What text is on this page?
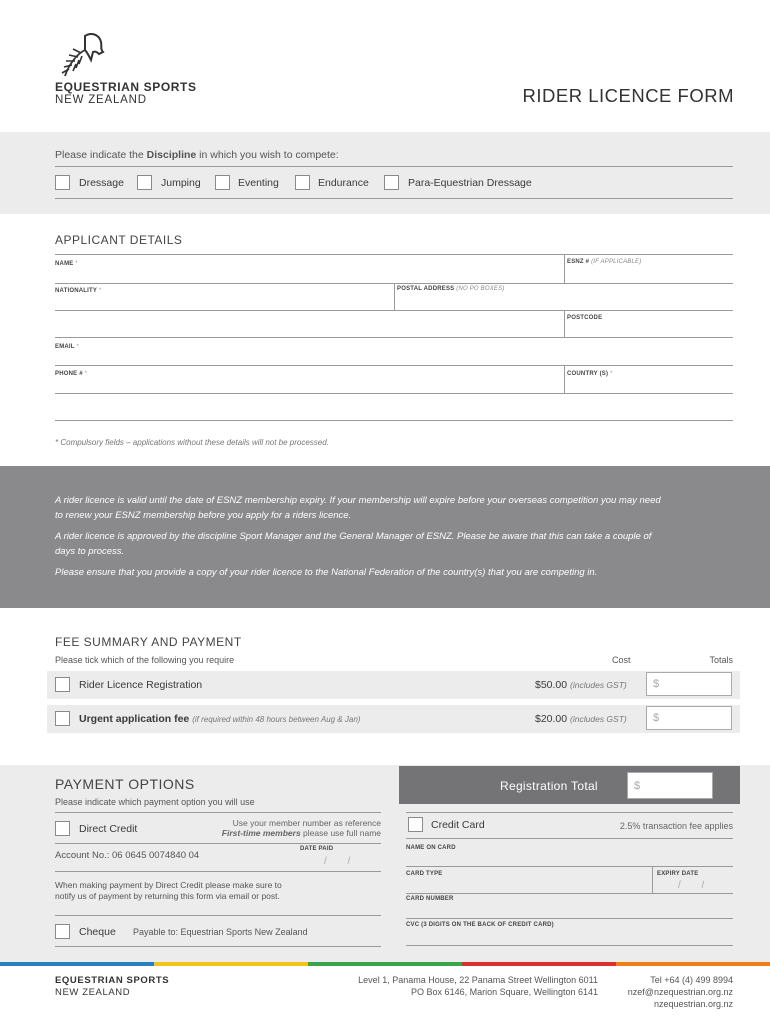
EQUESTRIAN SPORTS
NEW ZEALAND	RIDER LICENCE FORM
Please indicate the Discipline in which you wish to compete:
Dressage	Jumping	Eventing	Endurance	Para-Equestrian Dressage
APPLICANT DETAILS
NAME *	ESNZ # (IF APPLICABLE)
NATIONALITY *	POSTAL ADDRESS (NO PO BOXES)
POSTCODE
EMAIL *
PHONE # *	COUNTRY (S) *
* Compulsory fields – applications without these details will not be processed.

A rider licence is valid until the date of ESNZ membership expiry. If your membership will expire before your overseas competition you may need to renew your ESNZ membership before you apply for a riders licence.

A rider licence is approved by the discipline Sport Manager and the General Manager of ESNZ. Please be aware that this can take a couple of days to process.

Please ensure that you provide a copy of your rider licence to the National Federation of the country(s) that you are competing in.

FEE SUMMARY AND PAYMENT
Please tick which of the following you require	Cost	Totals
Rider Licence Registration	$50.00 (includes GST)	$
Urgent application fee (if required within 48 hours between Aug & Jan)	$20.00 (includes GST)	$
PAYMENT OPTIONS
Please indicate which payment option you will use
Registration Total	$
Direct Credit	Use your member number as reference
First-time members please use full name
Account No.: 06 0645 0074840 04
DATE PAID
/ /
When making payment by Direct Credit please make sure to
notify us of payment by returning this form via email or post.
Cheque Payable to: Equestrian Sports New Zealand
Credit Card	2.5% transaction fee applies
NAME ON CARD
CARD TYPE	EXPIRY DATE
/ /
CARD NUMBER
CVC (3 DIGITS ON THE BACK OF CREDIT CARD)
EQUESTRIAN SPORTS
NEW ZEALAND
Level 1, Panama House, 22 Panama Street Wellington 6011
PO Box 6146, Marion Square, Wellington 6141
Tel +64 (4) 499 8994
nzef@nzequestrian.org.nz
nzequestrian.org.nz
